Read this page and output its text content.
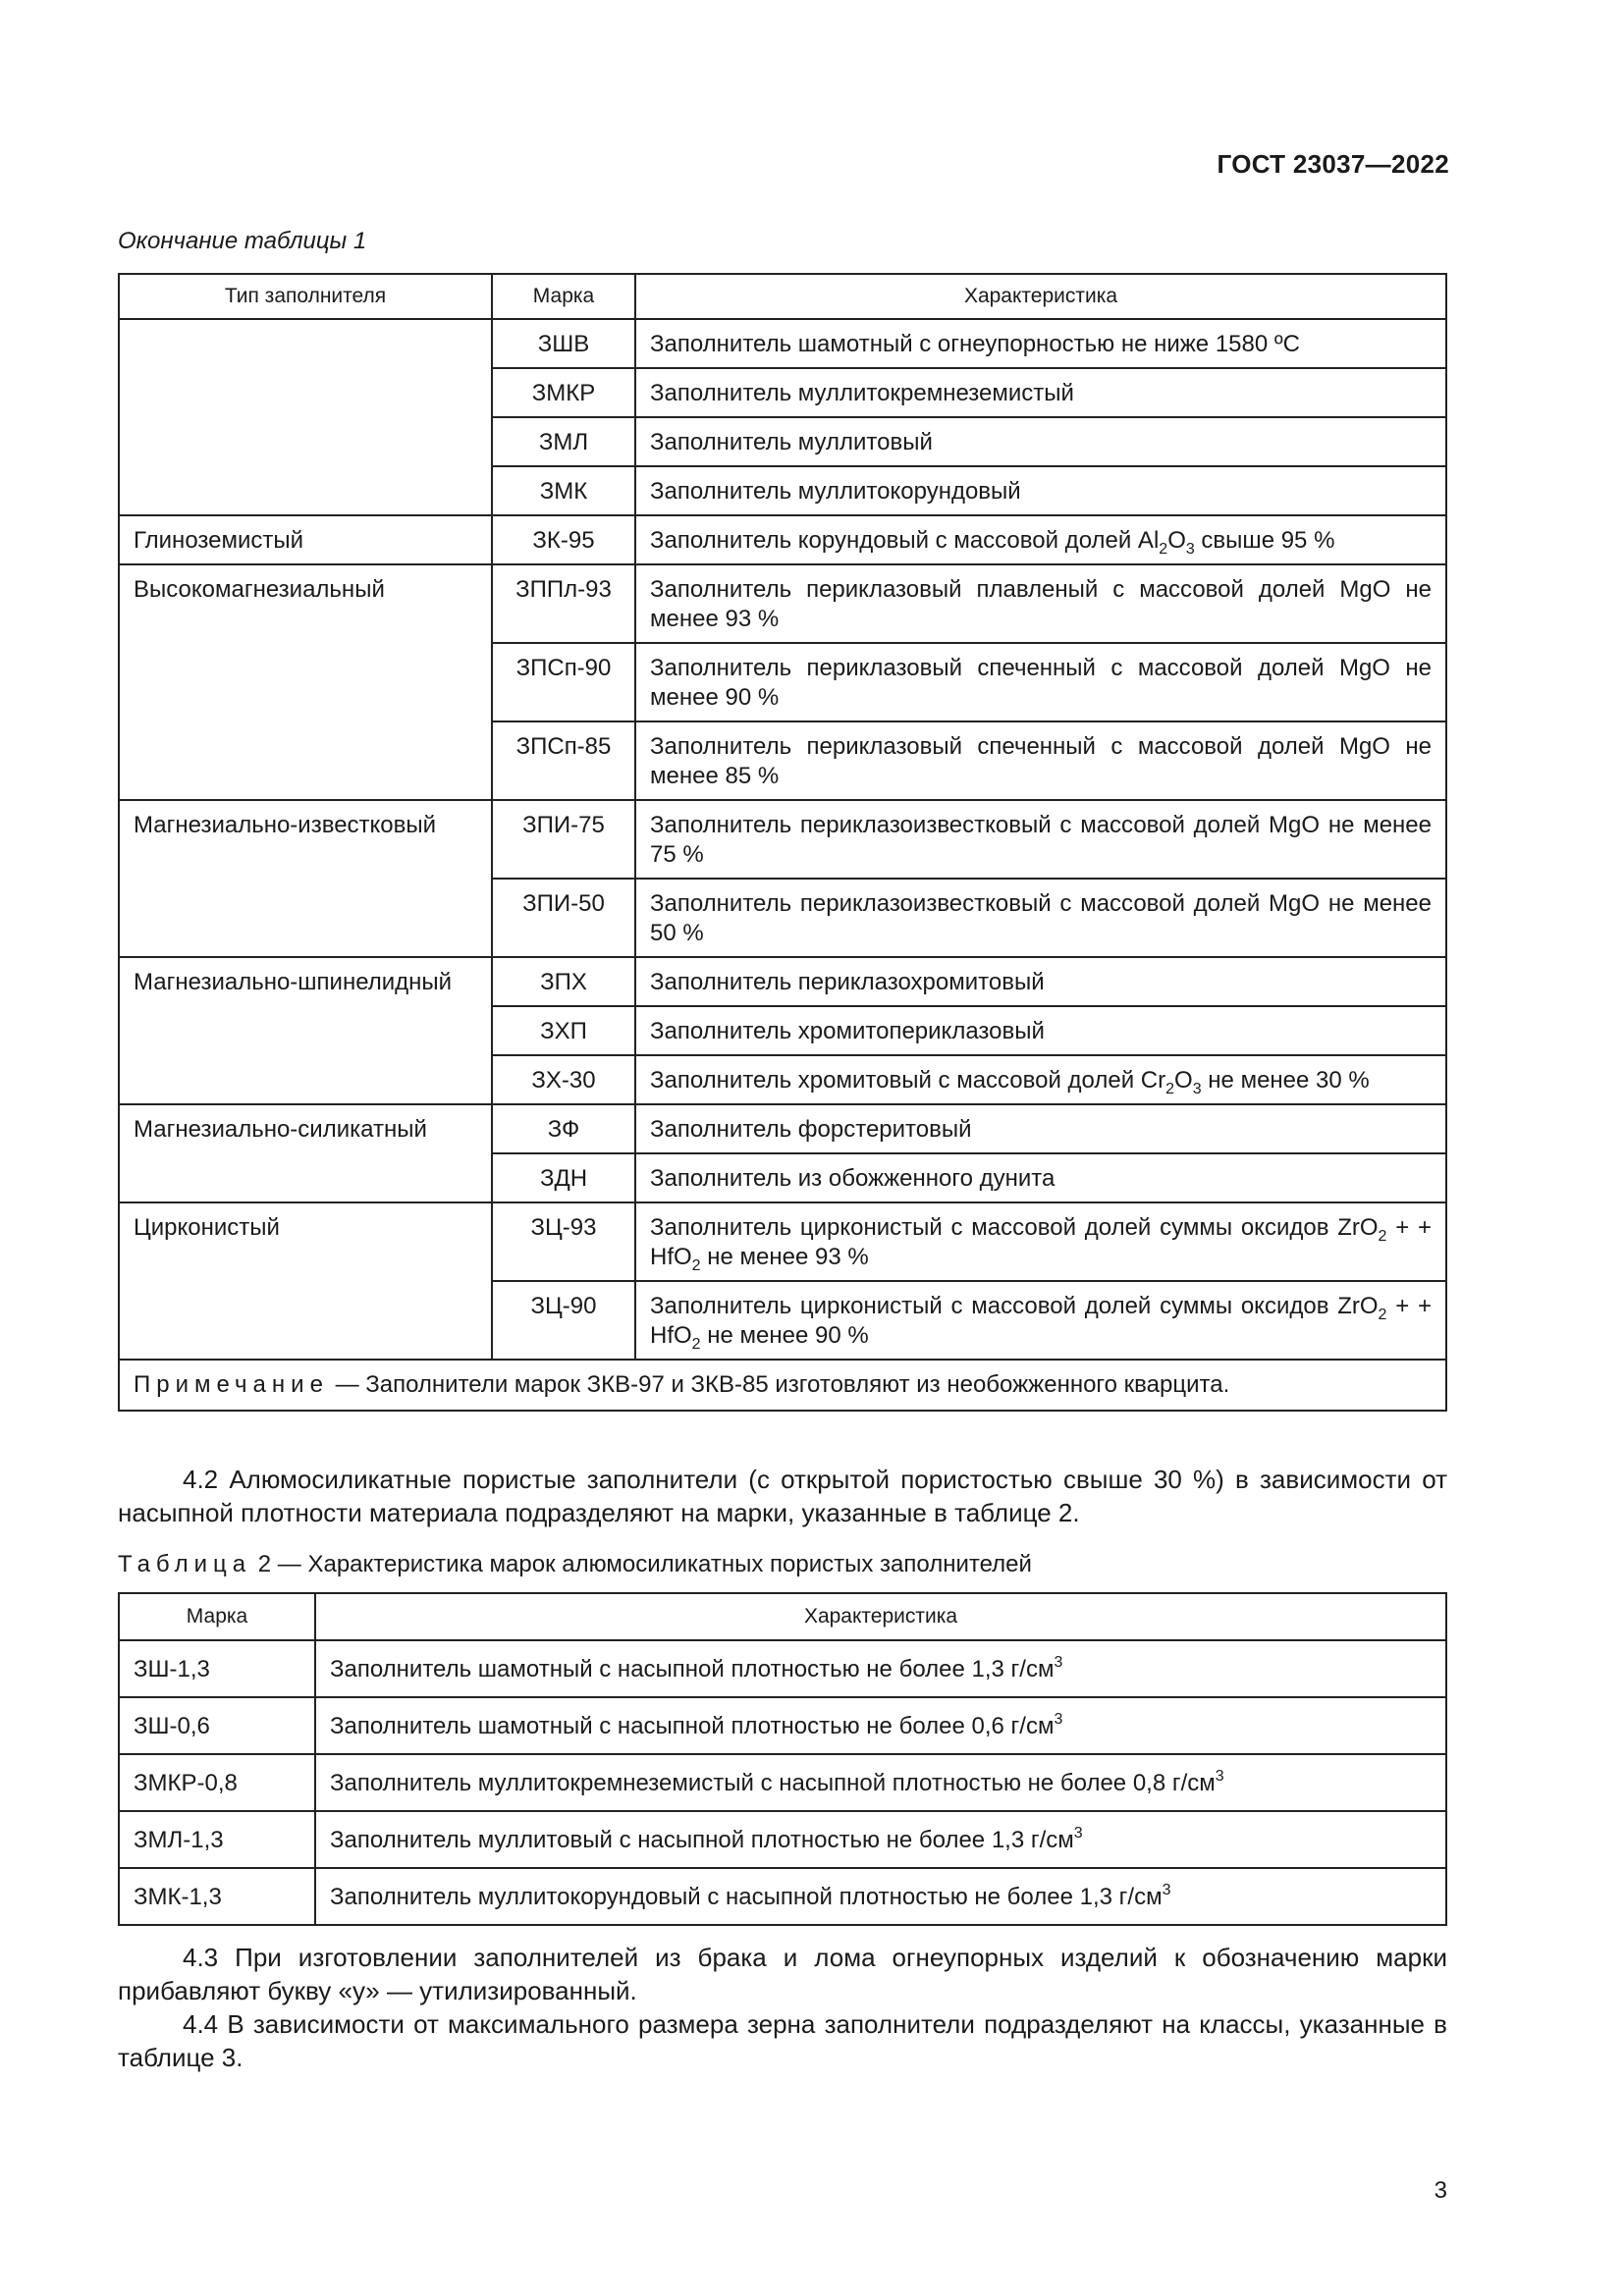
ГОСТ 23037—2022
Окончание таблицы 1
Тип заполнителя	Марка	Характеристика
	ЗШВ	Заполнитель шамотный с огнеупорностью не ниже 1580 ºС
	ЗМКР	Заполнитель муллитокремнеземистый
	ЗМЛ	Заполнитель муллитовый
	ЗМК	Заполнитель муллитокорундовый
Глиноземистый	ЗК-95	Заполнитель корундовый с массовой долей $Al_2O_3$ свыше 95 %
Высокомагнезиальный	ЗППл-93	Заполнитель периклазовый плавленый с массовой долей MgO не менее 93 %
	ЗПСп-90	Заполнитель периклазовый спеченный с массовой долей MgO не менее 90 %
	ЗПСп-85	Заполнитель периклазовый спеченный с массовой долей MgO не менее 85 %
Магнезиально-известковый	ЗПИ-75	Заполнитель периклазоизвестковый с массовой долей MgO не менее 75 %
	ЗПИ-50	Заполнитель периклазоизвестковый с массовой долей MgO не менее 50 %
Магнезиально-шпинелидный	ЗПХ	Заполнитель периклазохромитовый
	ЗХП	Заполнитель хромитопериклазовый
	ЗХ-30	Заполнитель хромитовый с массовой долей $Cr_2O_3$ не менее 30 %
Магнезиально-силикатный	ЗФ	Заполнитель форстеритовый
	ЗДН	Заполнитель из обожженного дунита
Цирконистый	ЗЦ-93	Заполнитель цирконистый с массовой долей суммы оксидов ZrO$_2$ + + HfO$_2$ не менее 93 %
	ЗЦ-90	Заполнитель цирконистый с массовой долей суммы оксидов ZrO$_2$ + + HfO$_2$ не менее 90 %
Примечание — Заполнители марок ЗКВ-97 и ЗКВ-85 изготовляют из необожженного кварцита.		
4.2 Алюмосиликатные пористые заполнители (с открытой пористостью свыше 30 %) в зависимости от насыпной плотности материала подразделяют на марки, указанные в таблице 2.
Таблица 2 — Характеристика марок алюмосиликатных пористых заполнителей
Марка	Характеристика
ЗШ-1,3	Заполнитель шамотный с насыпной плотностью не более 1,3 $г/см^3$
ЗШ-0,6	Заполнитель шамотный с насыпной плотностью не более 0,6 $г/см^3$
ЗМКР-0,8	Заполнитель муллитокремнеземистый с насыпной плотностью не более 0,8 $г/см^3$
ЗМЛ-1,3	Заполнитель муллитовый с насыпной плотностью не более 1,3 $г/см^3$
ЗМК-1,3	Заполнитель муллитокорундовый с насыпной плотностью не более 1,3 $г/см^3$
4.3 При изготовлении заполнителей из брака и лома огнеупорных изделий к обозначению марки прибавляют букву «у» — утилизированный.
4.4 В зависимости от максимального размера зерна заполнители подразделяют на классы, указанные в таблице 3.
3
